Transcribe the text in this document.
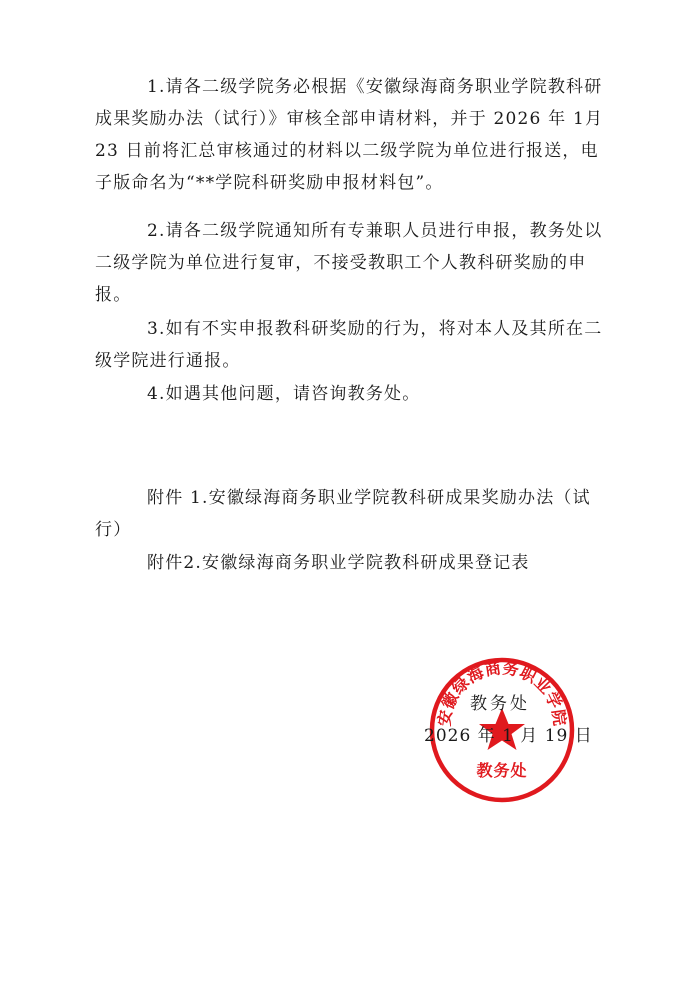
1.请各二级学院务必根据《安徽绿海商务职业学院教科研成果奖励办法（试行）》审核全部申请材料，并于 2026 年 1月 23 日前将汇总审核通过的材料以二级学院为单位进行报送，电子版命名为“**学院科研奖励申报材料包”。

2.请各二级学院通知所有专兼职人员进行申报，教务处以二级学院为单位进行复审，不接受教职工个人教科研奖励的申报。

3.如有不实申报教科研奖励的行为，将对本人及其所在二级学院进行通报。

4.如遇其他问题，请咨询教务处。

附件 1.安徽绿海商务职业学院教科研成果奖励办法（试行）

附件2.安徽绿海商务职业学院教科研成果登记表

安徽绿海商务职业学院
教务处
教务处
2026 年 1 月 19 日
